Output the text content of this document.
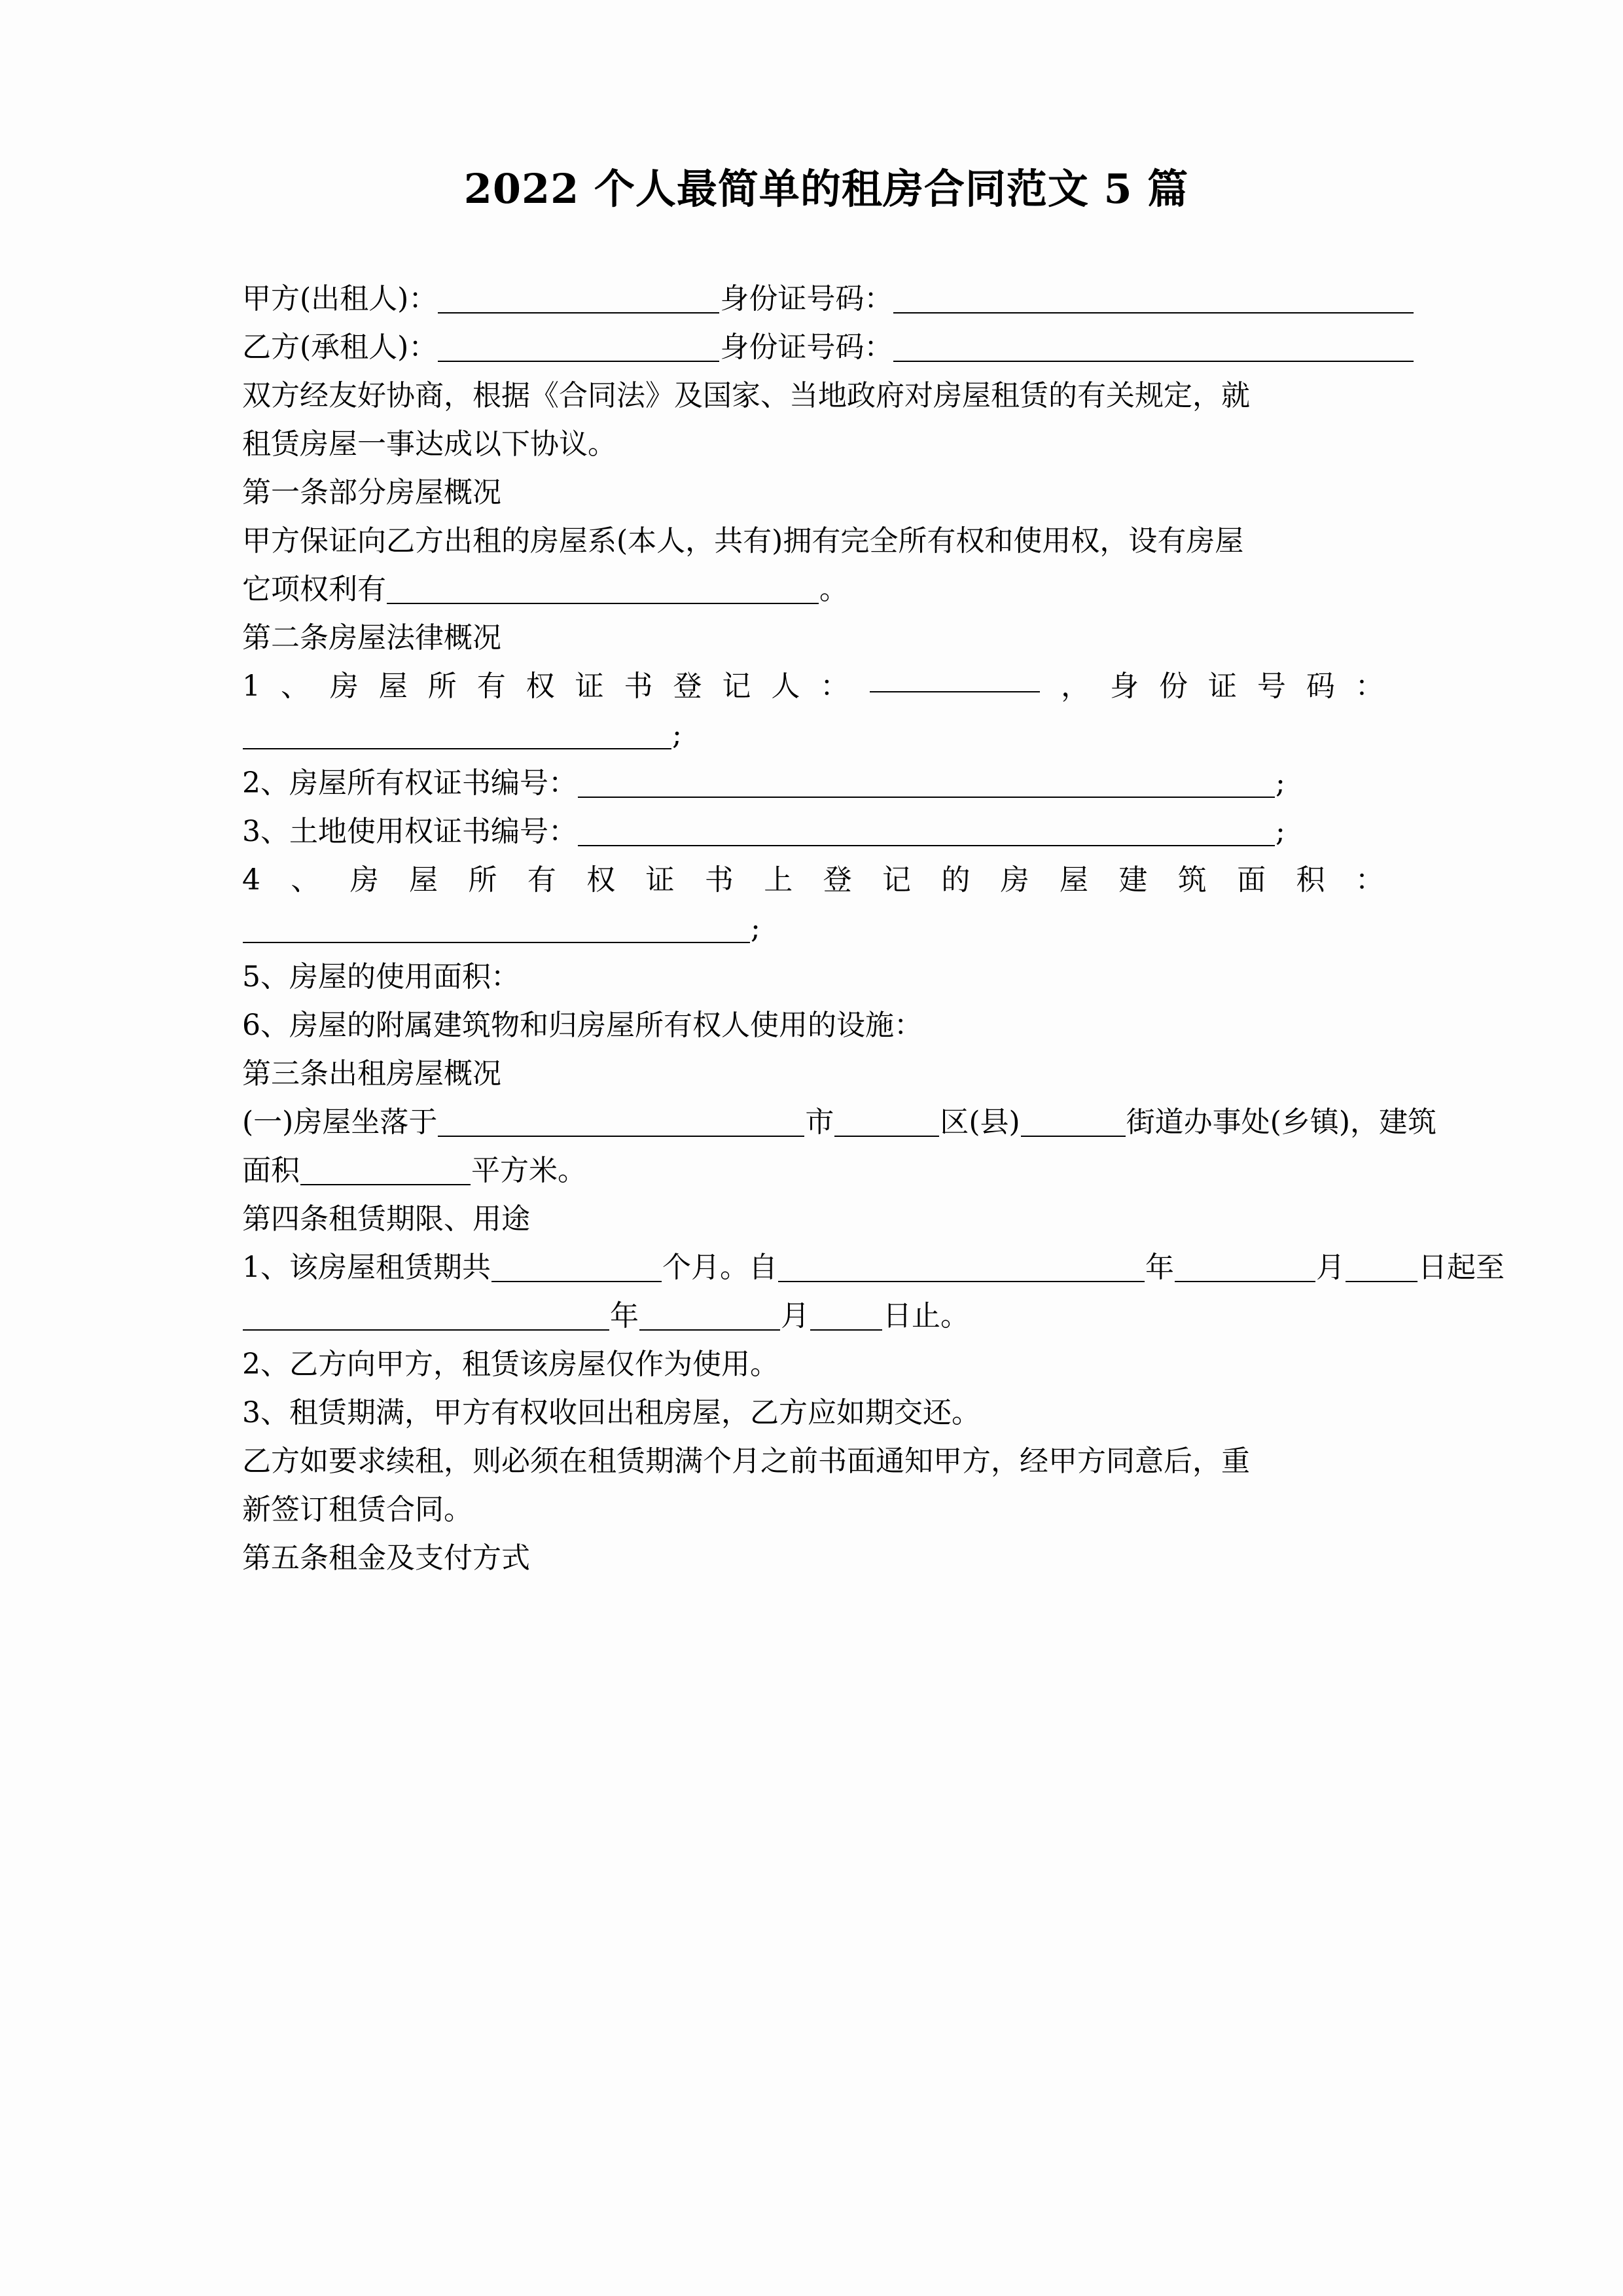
2022 个人最简单的租房合同范文 5 篇

甲方(出租人)：	身份证号码：

乙方(承租人)：	身份证号码：

双方经友好协商，根据《合同法》及国家、当地政府对房屋租赁的有关规定，就

租赁房屋一事达成以下协议。

第一条部分房屋概况

甲方保证向乙方出租的房屋系(本人，共有)拥有完全所有权和使用权，设有房屋

它项权利有	。

第二条房屋法律概况

1 、 房 屋 所 有 权 证 书 登 记 人 ：	， 身 份 证 号 码 ：

;

2、房屋所有权证书编号：	;

3、土地使用权证书编号：	;

4 、 房 屋 所 有 权 证 书 上 登 记 的 房 屋 建 筑 面 积 ：

;

5、房屋的使用面积：

6、房屋的附属建筑物和归房屋所有权人使用的设施：

第三条出租房屋概况

(一)房屋坐落于	市	区(县)	街道办事处(乡镇)，建筑

面积	平方米。

第四条租赁期限、用途

1、该房屋租赁期共	个月。自	年	月	日起至

年	月	日止。

2、乙方向甲方，租赁该房屋仅作为使用。

3、租赁期满，甲方有权收回出租房屋，乙方应如期交还。

乙方如要求续租，则必须在租赁期满个月之前书面通知甲方，经甲方同意后，重

新签订租赁合同。

第五条租金及支付方式
